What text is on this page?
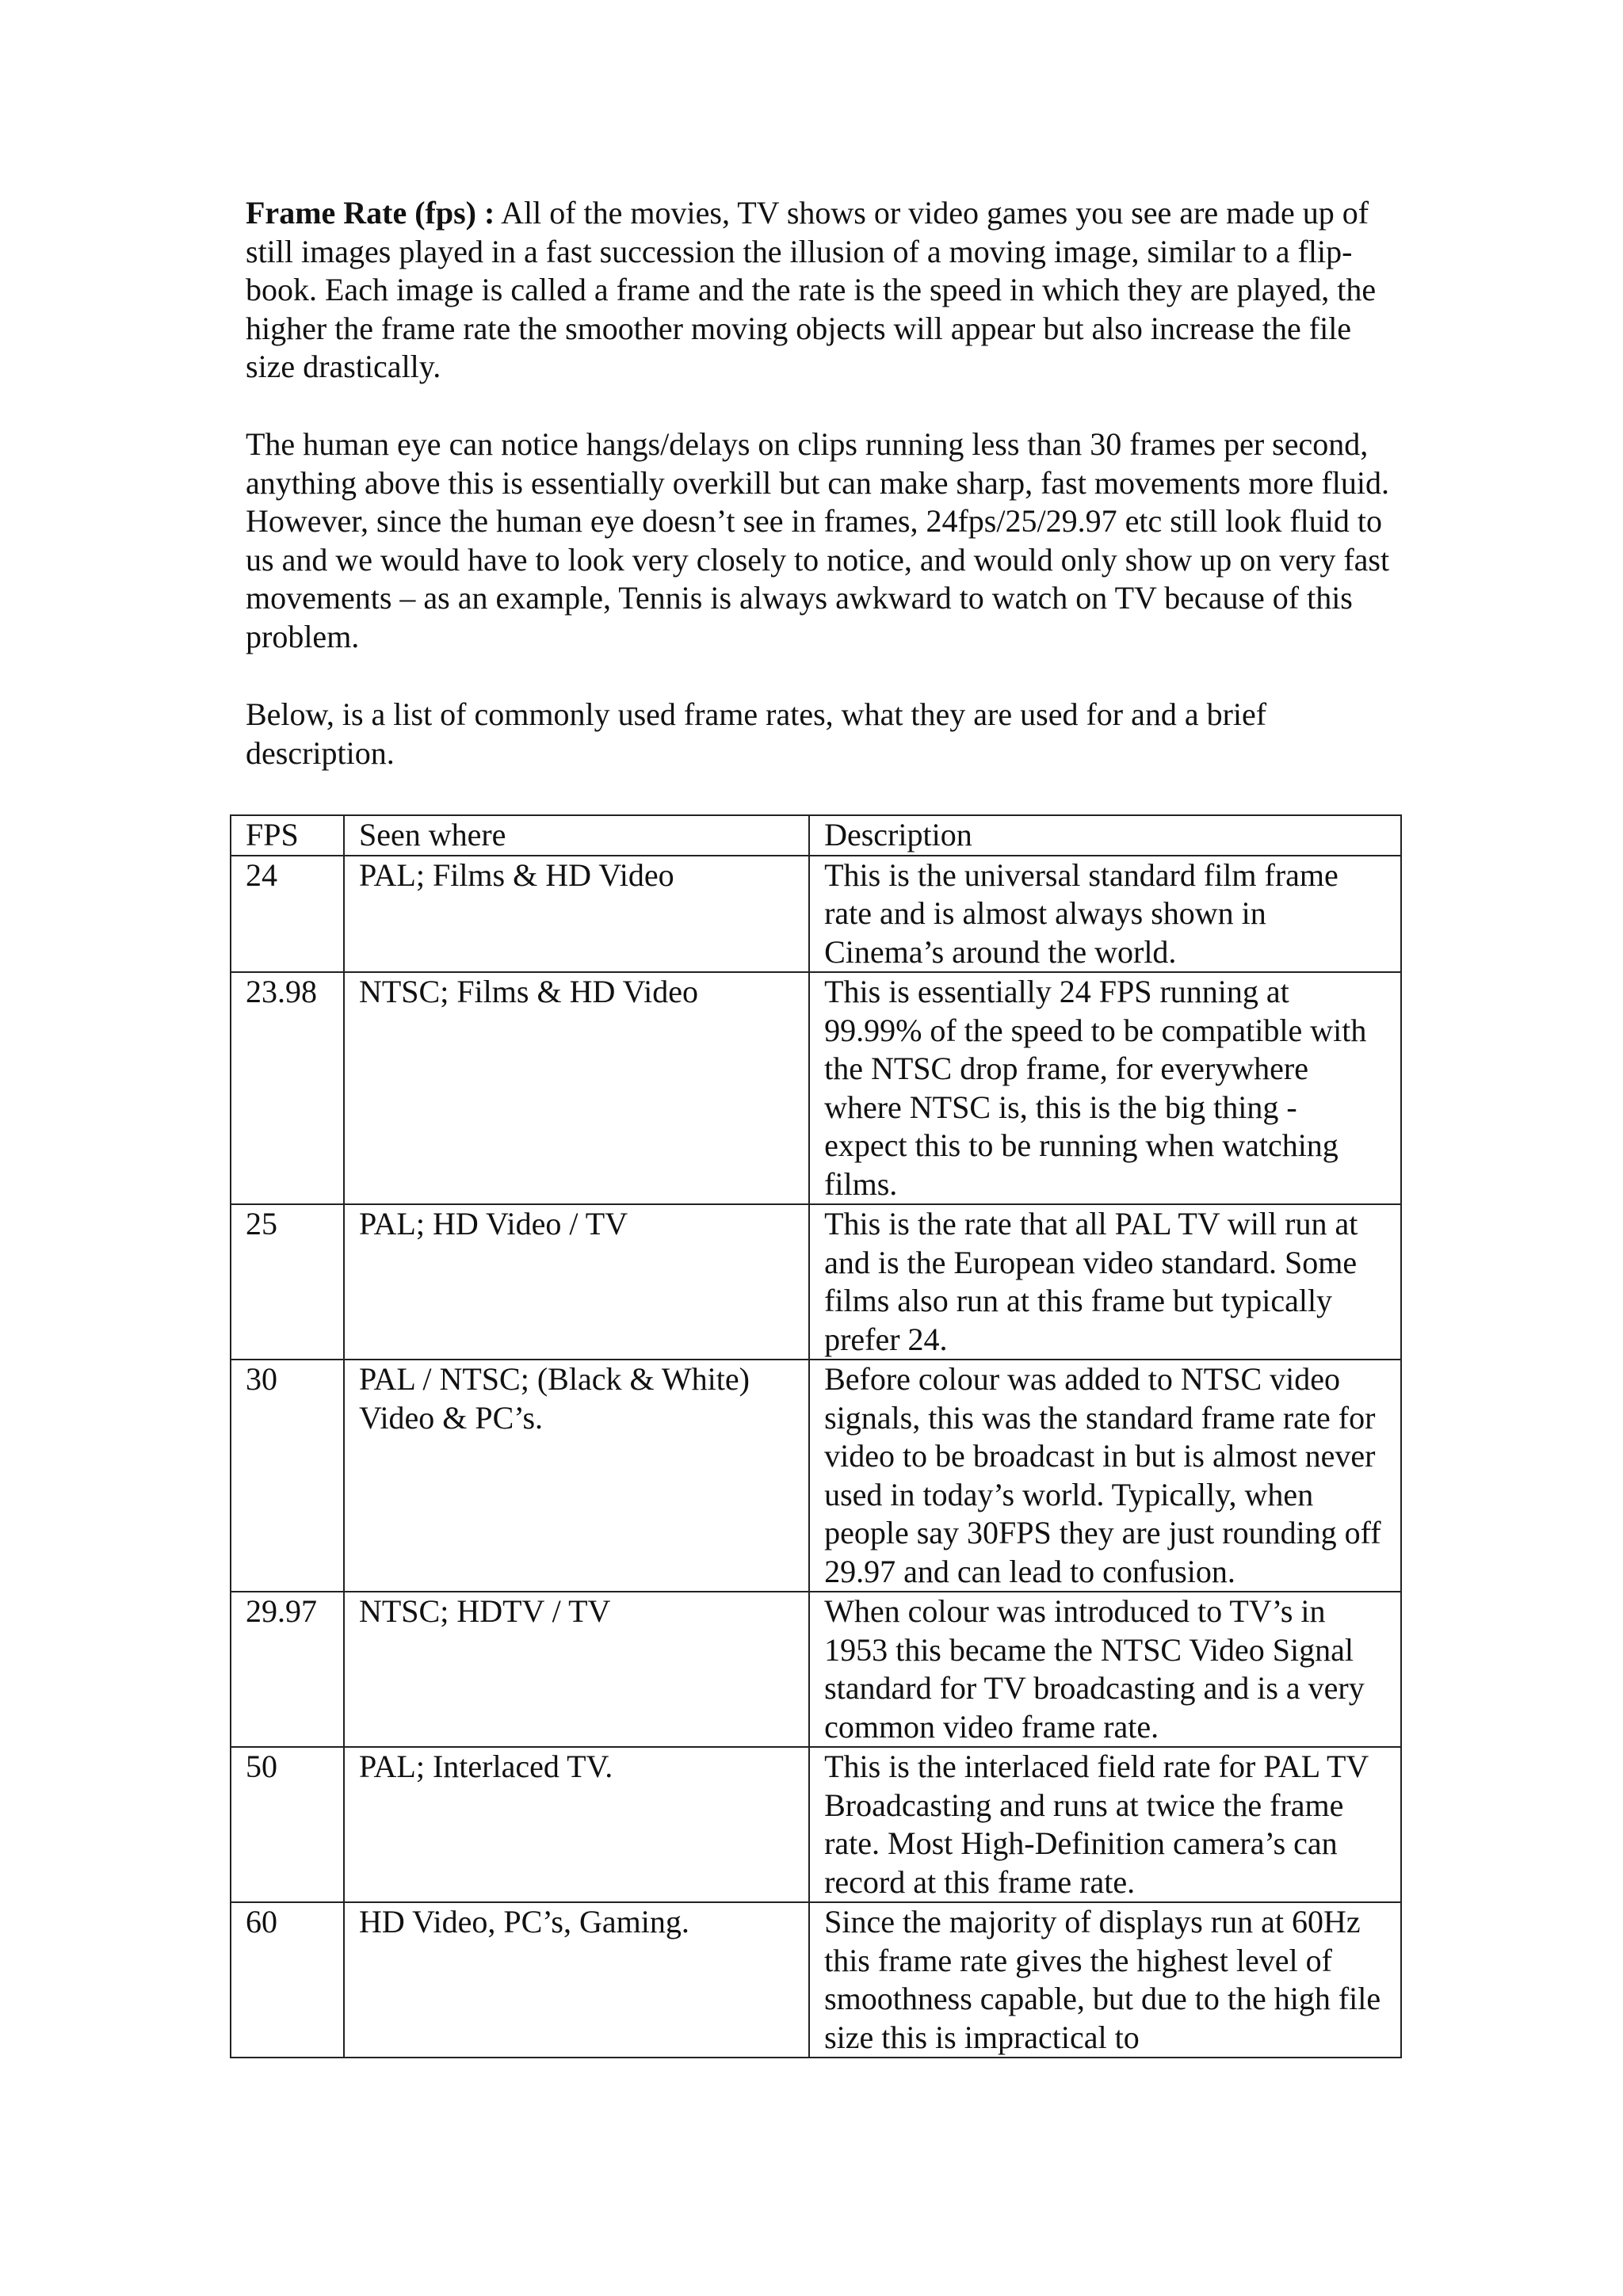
Frame Rate (fps) : All of the movies, TV shows or video games you see are made up of still images played in a fast succession the illusion of a moving image, similar to a flip-book. Each image is called a frame and the rate is the speed in which they are played, the higher the frame rate the smoother moving objects will appear but also increase the file size drastically.

The human eye can notice hangs/delays on clips running less than 30 frames per second, anything above this is essentially overkill but can make sharp, fast movements more fluid. However, since the human eye doesn’t see in frames, 24fps/25/29.97 etc still look fluid to us and we would have to look very closely to notice, and would only show up on very fast movements – as an example, Tennis is always awkward to watch on TV because of this problem.

Below, is a list of commonly used frame rates, what they are used for and a brief description.

FPS	Seen where	Description
24	PAL; Films & HD Video	This is the universal standard film frame rate and is almost always shown in Cinema’s around the world.
23.98	NTSC; Films & HD Video	This is essentially 24 FPS running at 99.99% of the speed to be compatible with the NTSC drop frame, for everywhere where NTSC is, this is the big thing - expect this to be running when watching films.
25	PAL; HD Video / TV	This is the rate that all PAL TV will run at and is the European video standard. Some films also run at this frame but typically prefer 24.
30	PAL / NTSC; (Black & White) Video & PC’s.	Before colour was added to NTSC video signals, this was the standard frame rate for video to be broadcast in but is almost never used in today’s world. Typically, when people say 30FPS they are just rounding off 29.97 and can lead to confusion.
29.97	NTSC; HDTV / TV	When colour was introduced to TV’s in 1953 this became the NTSC Video Signal standard for TV broadcasting and is a very common video frame rate.
50	PAL; Interlaced TV.	This is the interlaced field rate for PAL TV Broadcasting and runs at twice the frame rate. Most High-Definition camera’s can record at this frame rate.
60	HD Video, PC’s, Gaming.	Since the majority of displays run at 60Hz this frame rate gives the highest level of smoothness capable, but due to the high file size this is impractical to
